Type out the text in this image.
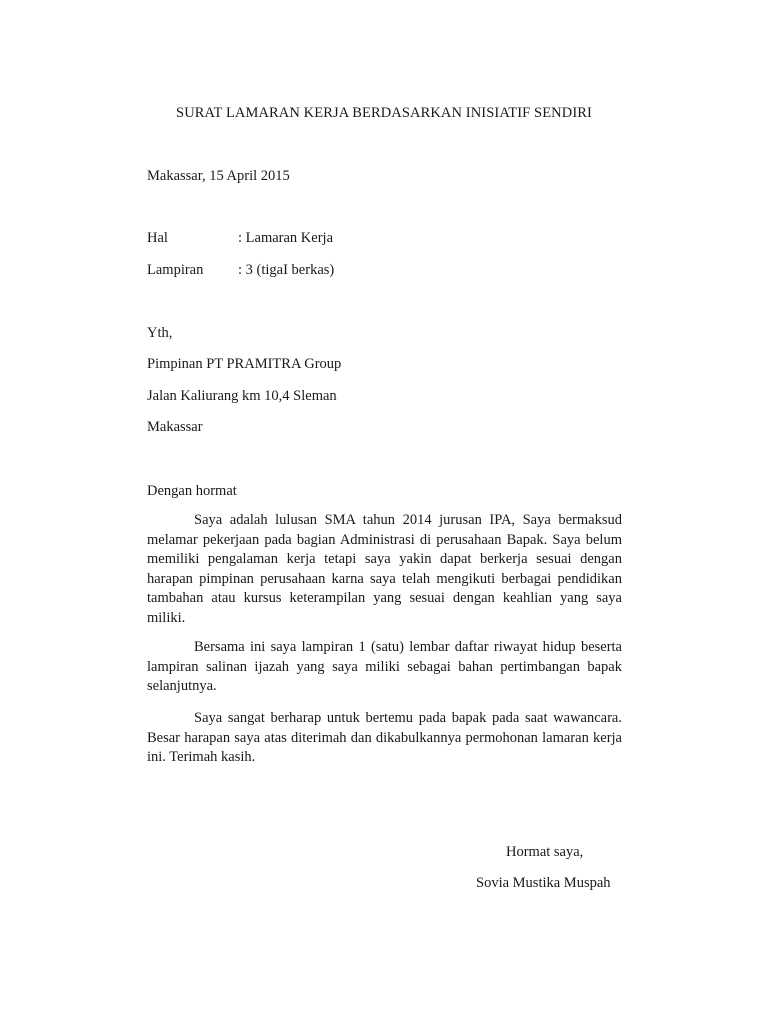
SURAT LAMARAN KERJA BERDASARKAN INISIATIF SENDIRI
Makassar, 15 April 2015
Hal	: Lamaran Kerja
Lampiran : 3 (tigaI berkas)
Yth,
Pimpinan PT PRAMITRA Group
Jalan Kaliurang km 10,4 Sleman
Makassar
Dengan hormat

Saya adalah lulusan SMA tahun 2014 jurusan IPA, Saya bermaksud melamar pekerjaan pada bagian Administrasi di perusahaan Bapak. Saya belum memiliki pengalaman kerja tetapi saya yakin dapat berkerja sesuai dengan harapan pimpinan perusahaan karna saya telah mengikuti berbagai pendidikan tambahan atau kursus keterampilan yang sesuai dengan keahlian yang saya miliki.

Bersama ini saya lampiran 1 (satu) lembar daftar riwayat hidup beserta lampiran salinan ijazah yang saya miliki sebagai bahan pertimbangan bapak selanjutnya.

Saya sangat berharap untuk bertemu pada bapak pada saat wawancara. Besar harapan saya atas diterimah dan dikabulkannya permohonan lamaran kerja ini. Terimah kasih.

Hormat saya,
Sovia Mustika Muspah
